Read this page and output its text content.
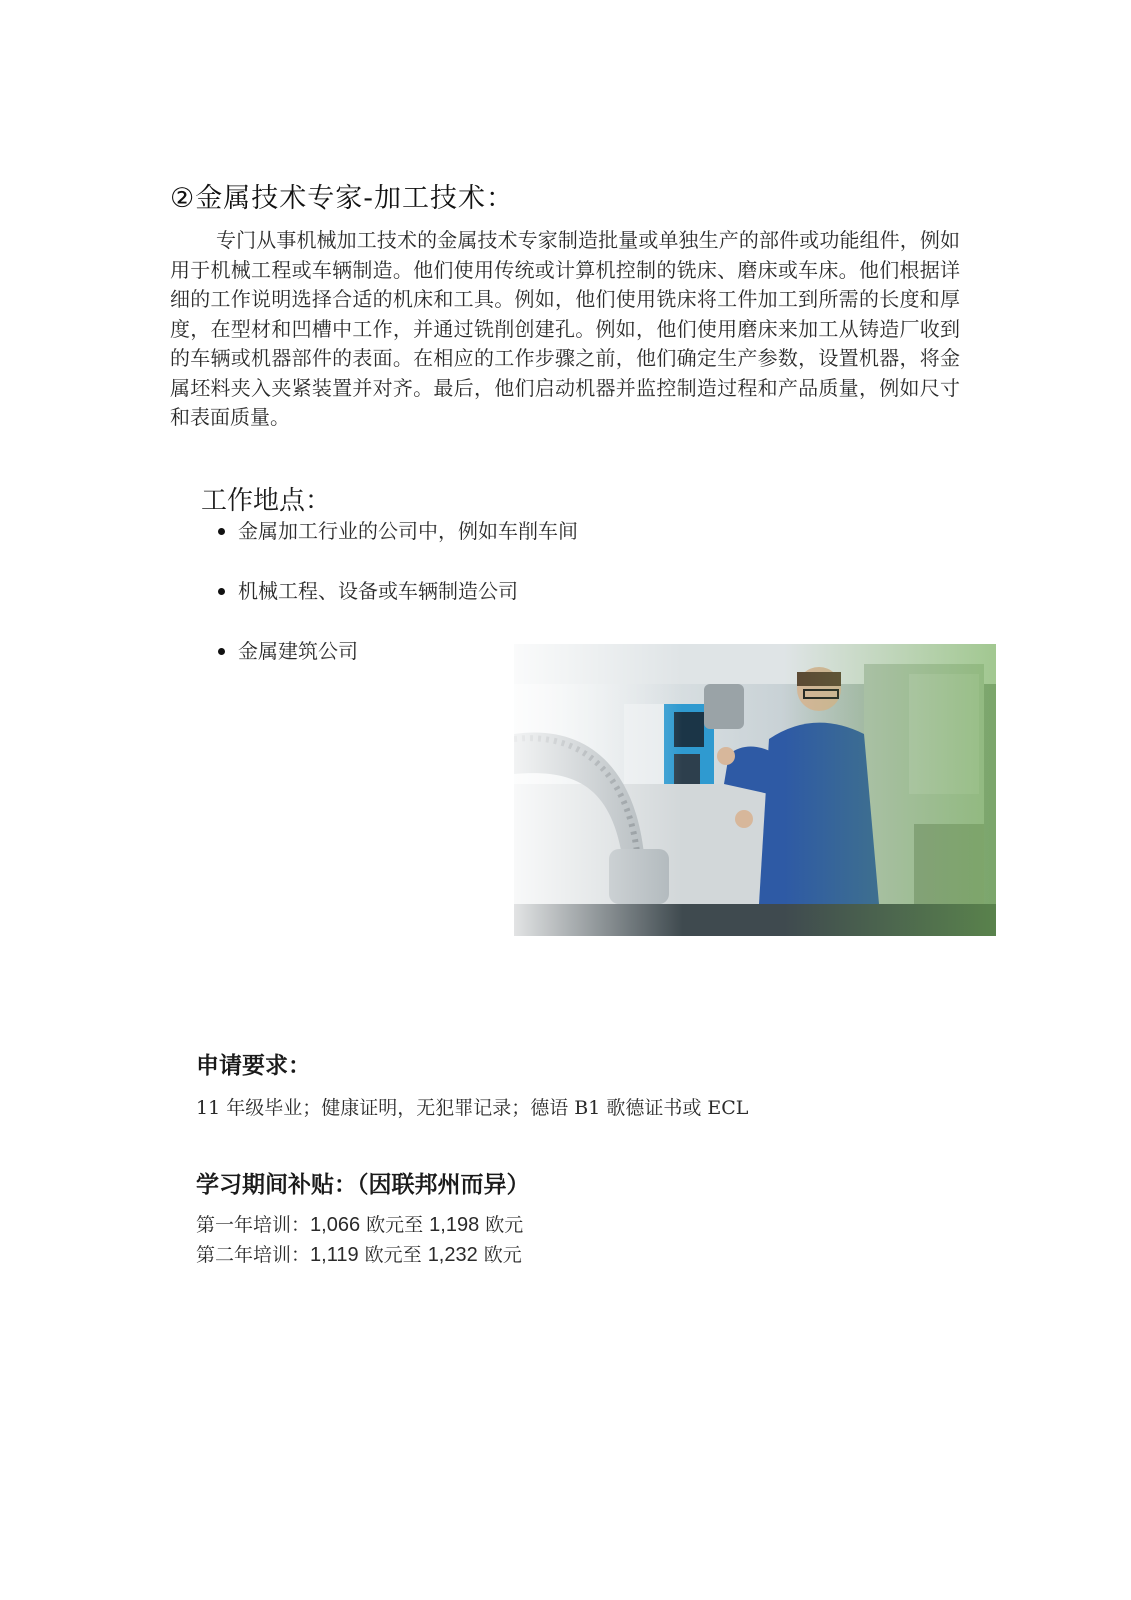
②金属技术专家-加工技术：
专门从事机械加工技术的金属技术专家制造批量或单独生产的部件或功能组件，例如用于机械工程或车辆制造。他们使用传统或计算机控制的铣床、磨床或车床。他们根据详细的工作说明选择合适的机床和工具。例如，他们使用铣床将工件加工到所需的长度和厚度，在型材和凹槽中工作，并通过铣削创建孔。例如，他们使用磨床来加工从铸造厂收到的车辆或机器部件的表面。在相应的工作步骤之前，他们确定生产参数，设置机器，将金属坯料夹入夹紧装置并对齐。最后，他们启动机器并监控制造过程和产品质量，例如尺寸和表面质量。
工作地点：
金属加工行业的公司中，例如车削车间
机械工程、设备或车辆制造公司
金属建筑公司
申请要求：
11 年级毕业；健康证明，无犯罪记录；德语 B1 歌德证书或 ECL
学习期间补贴：（因联邦州而异）
第一年培训：1,066 欧元至 1,198 欧元
第二年培训：1,119 欧元至 1,232 欧元
